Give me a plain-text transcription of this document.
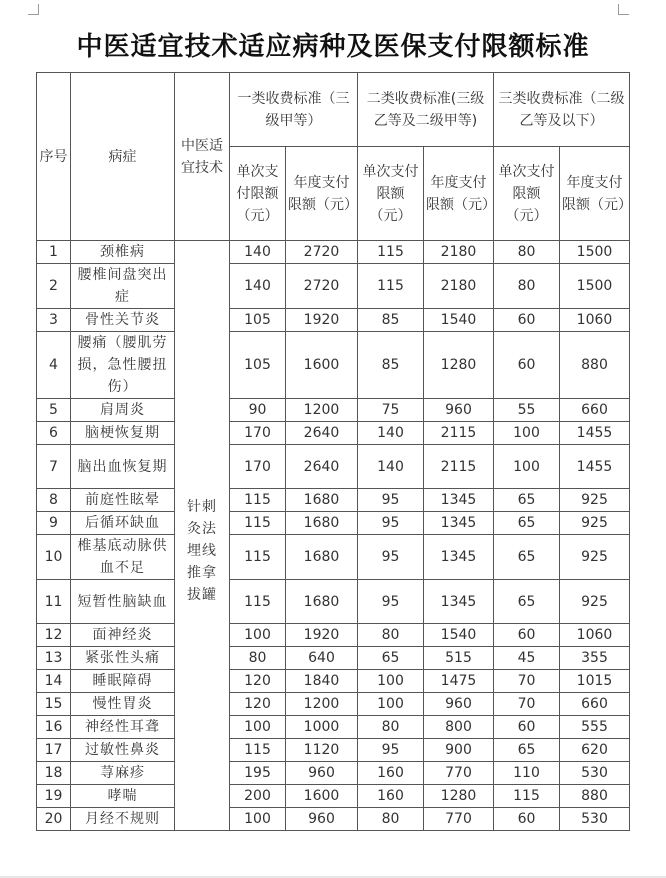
中医适宜技术适应病种及医保支付限额标准
序号	病症	中医适宜技术	一类收费标准（三级甲等）		二类收费标准(三级乙等及二级甲等)		三类收费标准（二级乙等及以下）	
			单次支付限额（元）	年度支付限额（元）	单次支付限额（元）	年度支付限额（元）	单次支付限额（元）	年度支付限额（元）
1	颈椎病	针刺灸法埋线推拿拔罐	140	2720	115	2180	80	1500
2	腰椎间盘突出症		140	2720	115	2180	80	1500
3	骨性关节炎		105	1920	85	1540	60	1060
4	腰痛（腰肌劳损，急性腰扭伤）		105	1600	85	1280	60	880
5	肩周炎		90	1200	75	960	55	660
6	脑梗恢复期		170	2640	140	2115	100	1455
7	脑出血恢复期		170	2640	140	2115	100	1455
8	前庭性眩晕		115	1680	95	1345	65	925
9	后循环缺血		115	1680	95	1345	65	925
10	椎基底动脉供血不足		115	1680	95	1345	65	925
11	短暂性脑缺血		115	1680	95	1345	65	925
12	面神经炎		100	1920	80	1540	60	1060
13	紧张性头痛		80	640	65	515	45	355
14	睡眠障碍		120	1840	100	1475	70	1015
15	慢性胃炎		120	1200	100	960	70	660
16	神经性耳聋		100	1000	80	800	60	555
17	过敏性鼻炎		115	1120	95	900	65	620
18	荨麻疹		195	960	160	770	110	530
19	哮喘		200	1600	160	1280	115	880
20	月经不规则		100	960	80	770	60	530
